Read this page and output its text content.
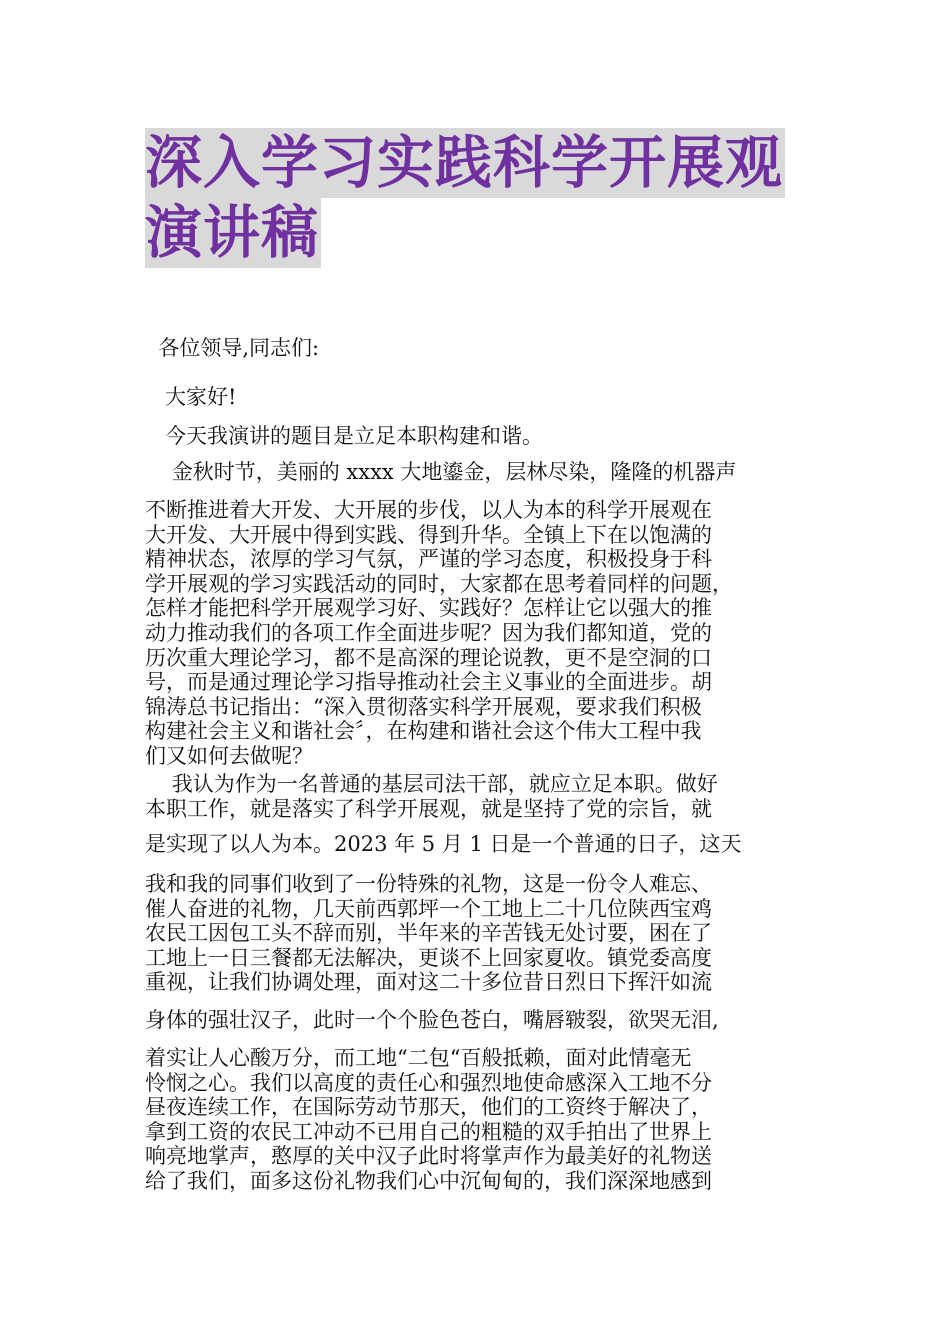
深入学习实践科学开展观
演讲稿

各位领导,同志们:

大家好!

今天我演讲的题目是立足本职构建和谐。

金秋时节，美丽的 xxxx 大地鎏金，层林尽染，隆隆的机器声

不断推进着大开发、大开展的步伐，以人为本的科学开展观在
大开发、大开展中得到实践、得到升华。全镇上下在以饱满的
精神状态，浓厚的学习气氛，严谨的学习态度，积极投身于科
学开展观的学习实践活动的同时，大家都在思考着同样的问题，
怎样才能把科学开展观学习好、实践好？怎样让它以强大的推
动力推动我们的各项工作全面进步呢？因为我们都知道，党的
历次重大理论学习，都不是高深的理论说教，更不是空洞的口
号，而是通过理论学习指导推动社会主义事业的全面进步。胡
锦涛总书记指出：“深入贯彻落实科学开展观，要求我们积极
构建社会主义和谐社会〞，在构建和谐社会这个伟大工程中我
们又如何去做呢？

我认为作为一名普通的基层司法干部，就应立足本职。做好
本职工作，就是落实了科学开展观，就是坚持了党的宗旨，就

是实现了以人为本。2023 年 5 月 1 日是一个普通的日子，这天

我和我的同事们收到了一份特殊的礼物，这是一份令人难忘、
催人奋进的礼物，几天前西郭坪一个工地上二十几位陕西宝鸡
农民工因包工头不辞而别，半年来的辛苦钱无处讨要，困在了
工地上一日三餐都无法解决，更谈不上回家夏收。镇党委高度
重视，让我们协调处理，面对这二十多位昔日烈日下挥汗如流

身体的强壮汉子，此时一个个脸色苍白，嘴唇皲裂，欲哭无泪,

着实让人心酸万分，而工地“二包“百般抵赖，面对此情毫无
怜悯之心。我们以高度的责任心和强烈地使命感深入工地不分
昼夜连续工作，在国际劳动节那天，他们的工资终于解决了，
拿到工资的农民工冲动不已用自己的粗糙的双手拍出了世界上
响亮地掌声，憨厚的关中汉子此时将掌声作为最美好的礼物送
给了我们，面多这份礼物我们心中沉甸甸的，我们深深地感到
